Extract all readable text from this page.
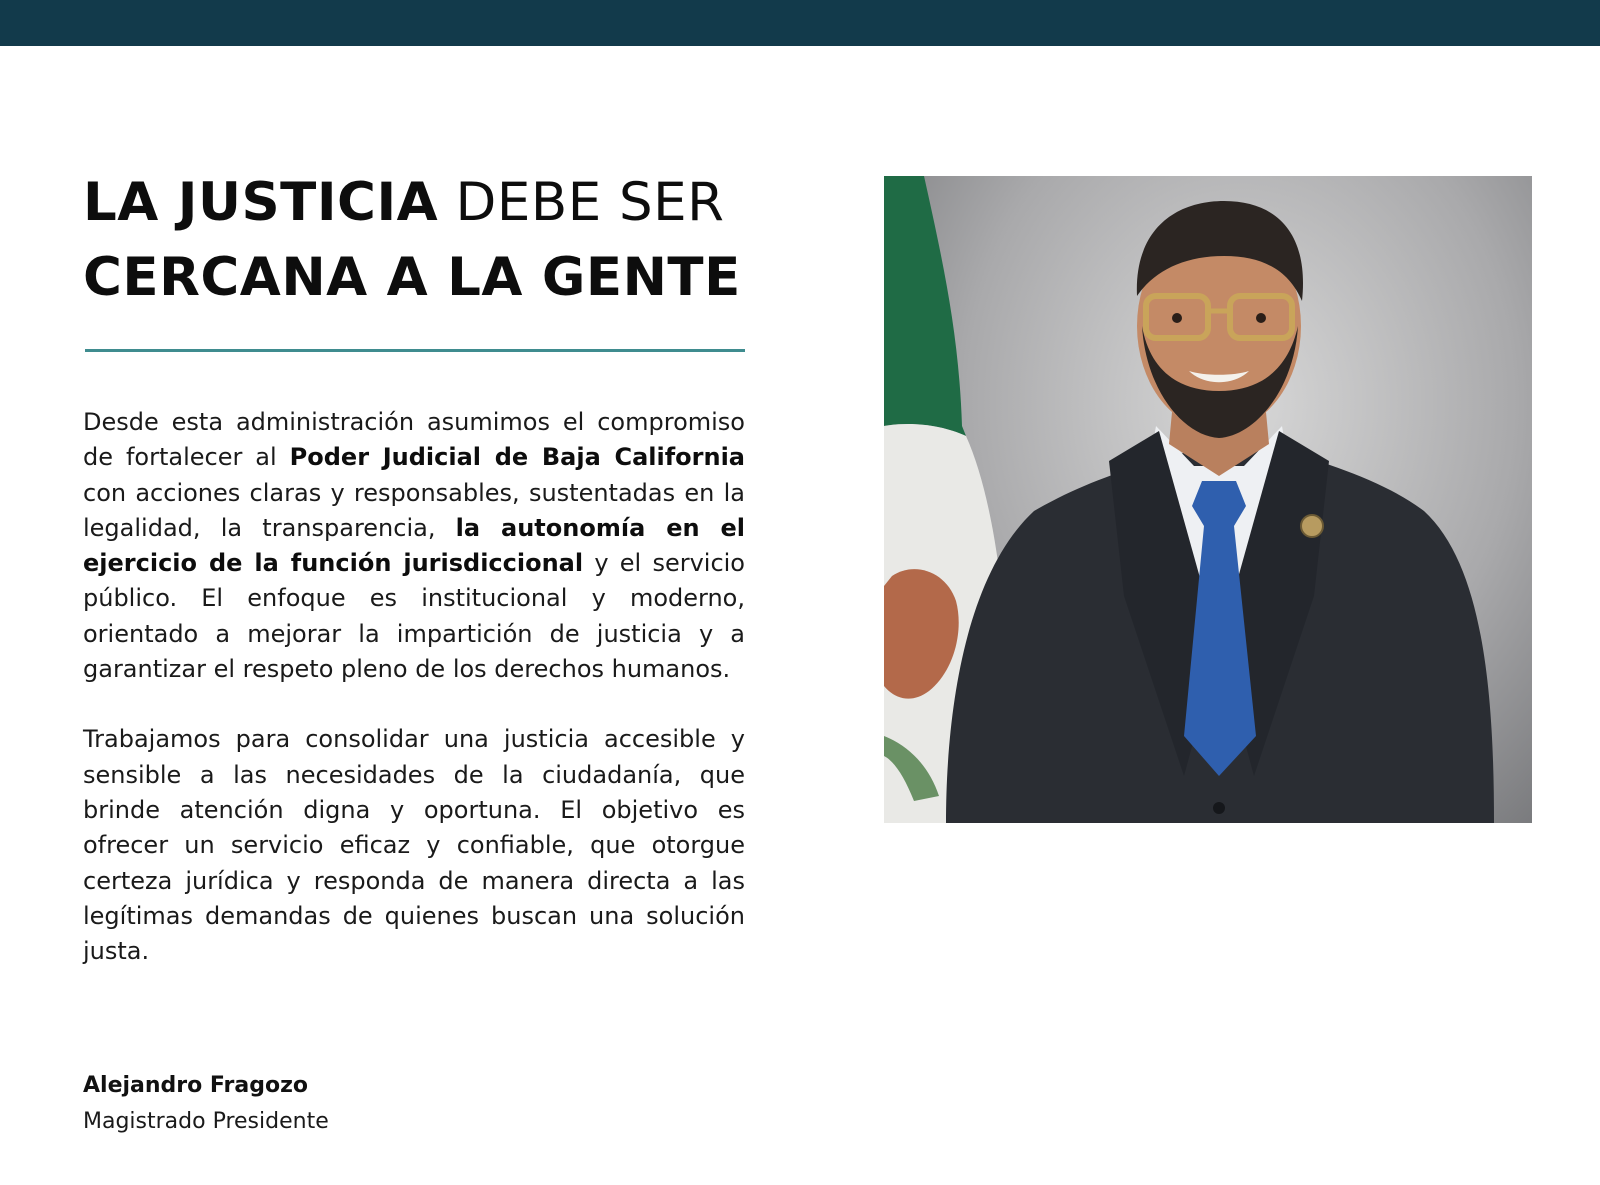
LA JUSTICIA DEBE SER
CERCANA A LA GENTE

Desde esta administración asumimos el compromiso de fortalecer al Poder Judicial de Baja California con acciones claras y responsables, sustentadas en la legalidad, la transparencia, la autonomía en el ejercicio de la función jurisdiccional y el servicio público. El enfoque es institucional y moderno, orientado a mejorar la impartición de justicia y a garantizar el respeto pleno de los derechos humanos.

Trabajamos para consolidar una justicia accesible y sensible a las necesidades de la ciudadanía, que brinde atención digna y oportuna. El objetivo es ofrecer un servicio eficaz y confiable, que otorgue certeza jurídica y responda de manera directa a las legítimas demandas de quienes buscan una solución justa.

Alejandro Fragozo
Magistrado Presidente
